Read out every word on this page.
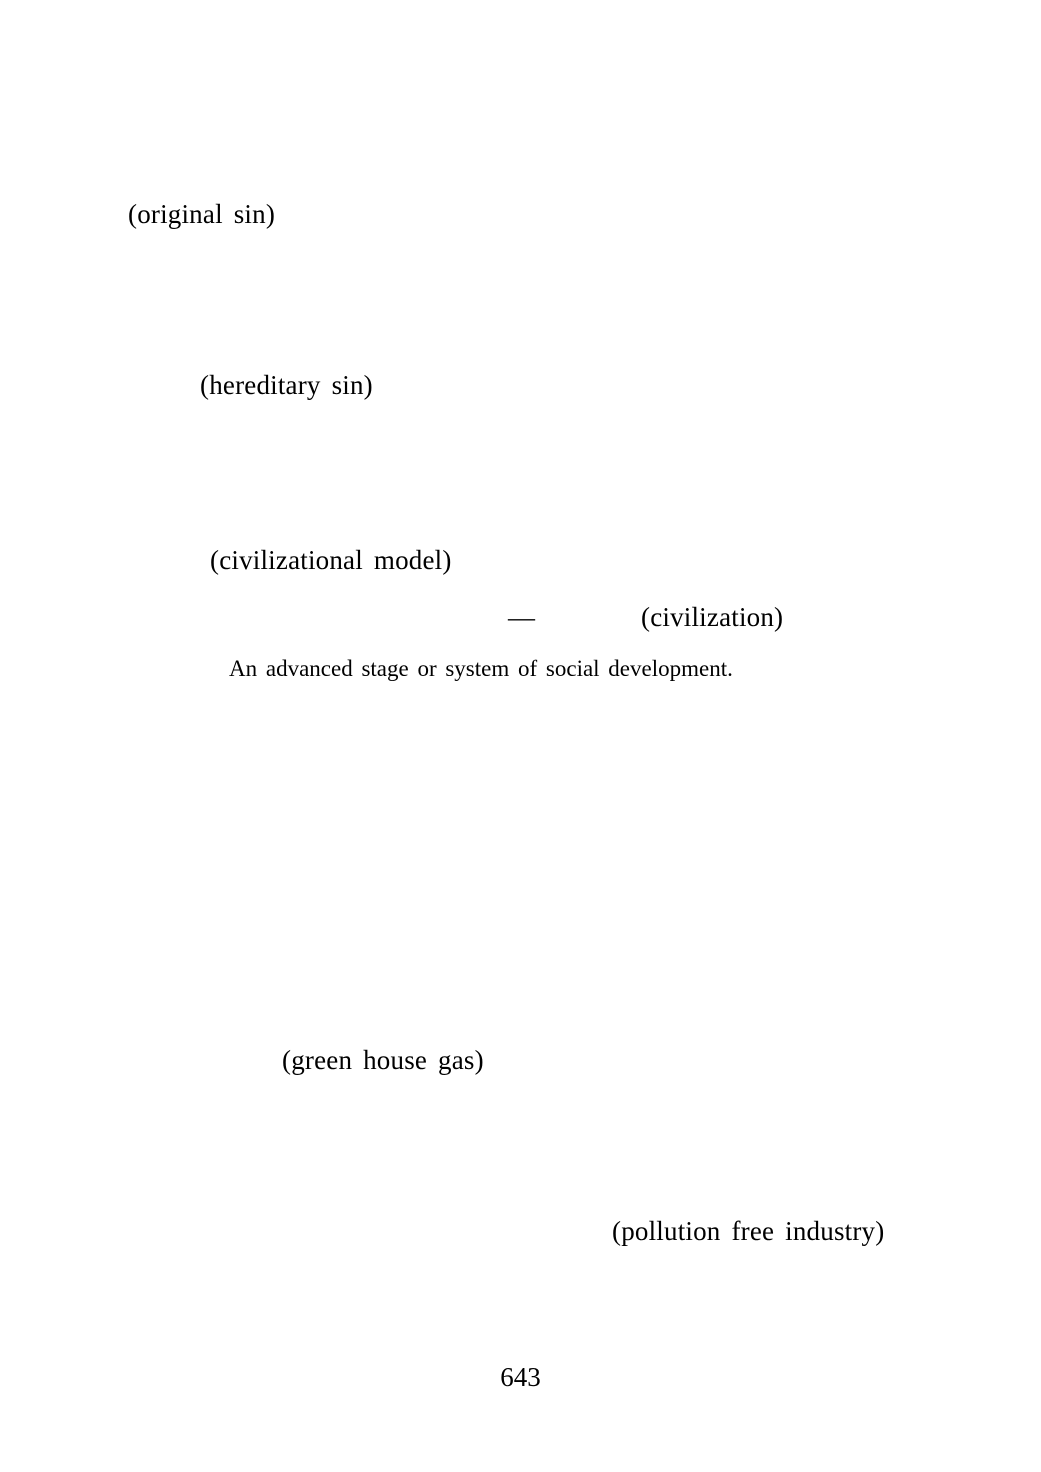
(original sin)
(hereditary sin)
(civilizational model)
—	(civilization)
An advanced stage or system of social development.
(green house gas)
(pollution free industry)
643
